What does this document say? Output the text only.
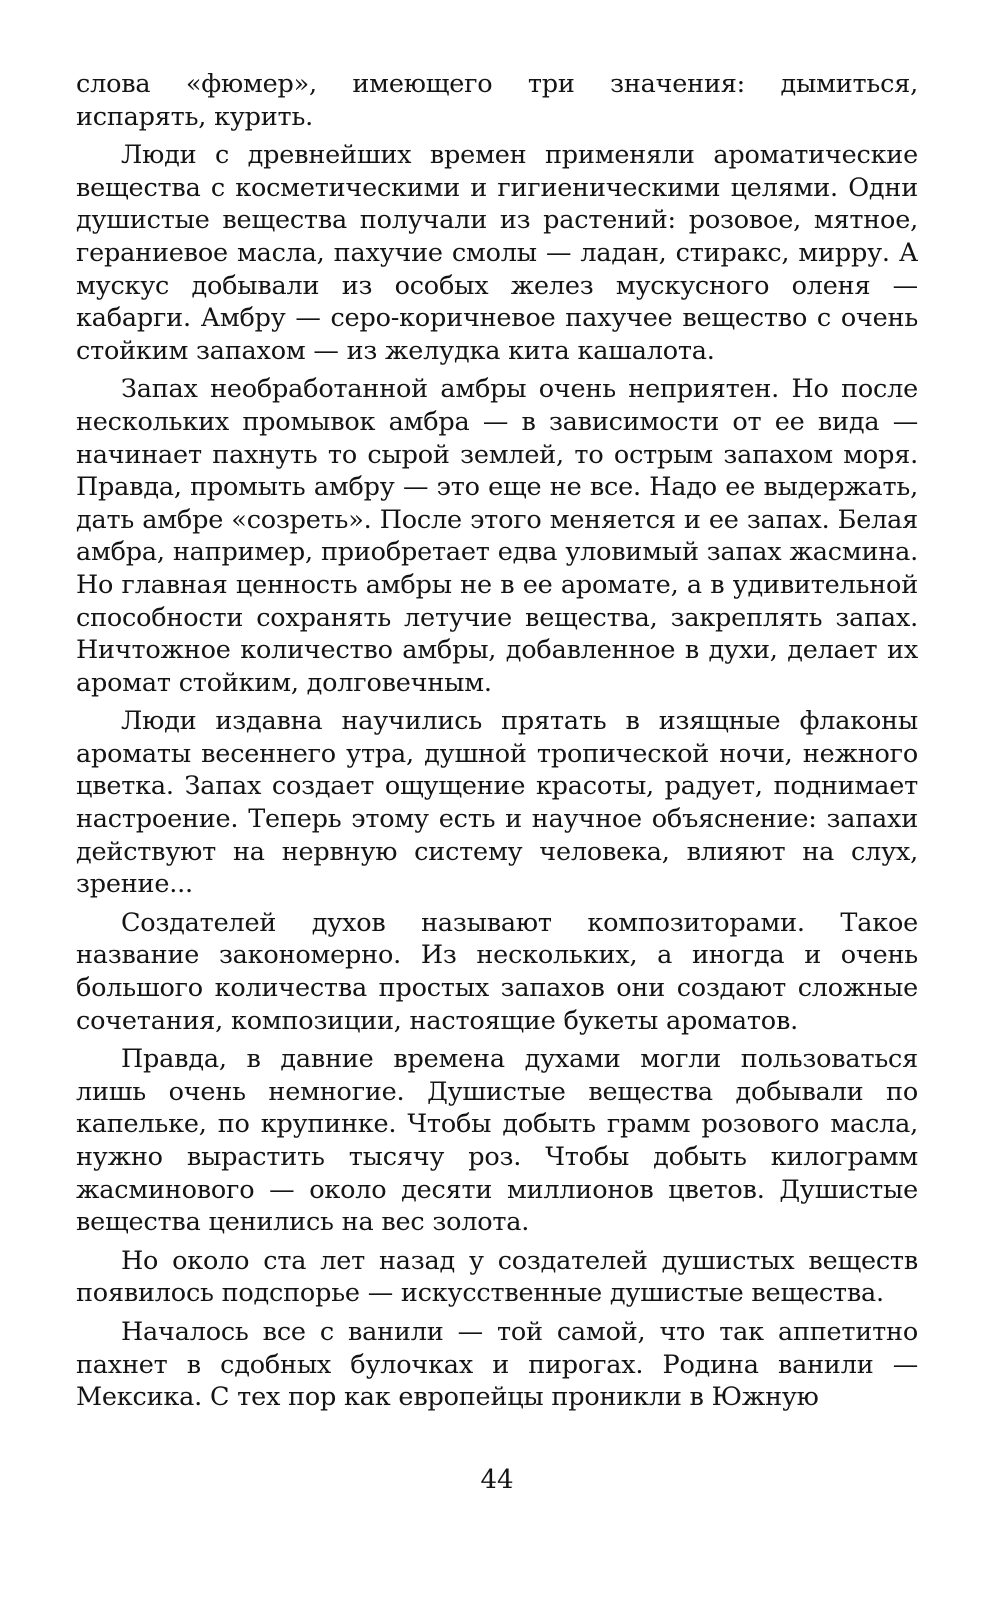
слова «фюмер», имеющего три значения: дымиться, испарять, курить.

Люди с древнейших времен применяли ароматические вещества с косметическими и гигиеническими целями. Одни душистые вещества получали из растений: розовое, мятное, гераниевое масла, пахучие смолы — ладан, стиракс, мирру. А мускус добывали из особых желез мускусного оленя — кабарги. Амбру — серо-коричневое пахучее вещество с очень стойким запахом — из желудка кита кашалота.

Запах необработанной амбры очень неприятен. Но после нескольких промывок амбра — в зависимости от ее вида — начинает пахнуть то сырой землей, то острым запахом моря. Правда, промыть амбру — это еще не все. Надо ее выдержать, дать амбре «созреть». После этого меняется и ее запах. Белая амбра, например, приобретает едва уловимый запах жасмина. Но главная ценность амбры не в ее аромате, а в удивительной способности сохранять летучие вещества, закреплять запах. Ничтожное количество амбры, добавленное в духи, делает их аромат стойким, долговечным.

Люди издавна научились прятать в изящные флаконы ароматы весеннего утра, душной тропической ночи, нежного цветка. Запах создает ощущение красоты, радует, поднимает настроение. Теперь этому есть и научное объяснение: запахи действуют на нервную систему человека, влияют на слух, зрение...

Создателей духов называют композиторами. Такое название закономерно. Из нескольких, а иногда и очень большого количества простых запахов они создают сложные сочетания, композиции, настоящие букеты ароматов.

Правда, в давние времена духами могли пользоваться лишь очень немногие. Душистые вещества добывали по капельке, по крупинке. Чтобы добыть грамм розового масла, нужно вырастить тысячу роз. Чтобы добыть килограмм жасминового — около десяти миллионов цветов. Душистые вещества ценились на вес золота.

Но около ста лет назад у создателей душистых веществ появилось подспорье — искусственные душистые вещества.

Началось все с ванили — той самой, что так аппетитно пахнет в сдобных булочках и пирогах. Родина ванили — Мексика. С тех пор как европейцы проникли в Южную

44
